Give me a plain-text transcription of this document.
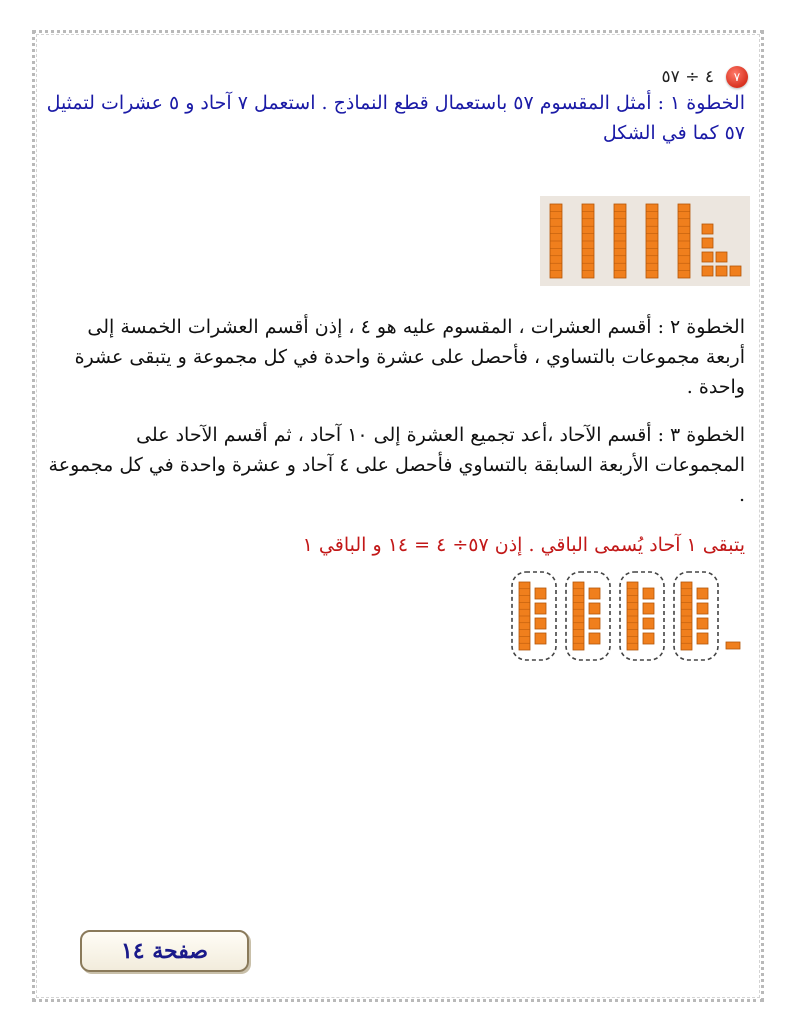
٧
٤ ÷ ٥٧
الخطوة ١ : أمثل المقسوم ٥٧ باستعمال قطع النماذج . استعمل ٧ آحاد و ٥ عشرات لتمثيل ٥٧ كما في الشكل
الخطوة ٢ : أقسم العشرات ، المقسوم عليه هو ٤ ، إذن أقسم العشرات الخمسة إلى أربعة مجموعات بالتساوي ، فأحصل على عشرة واحدة في كل مجموعة و يتبقى عشرة واحدة .
الخطوة ٣ : أقسم الآحاد ،أعد تجميع العشرة إلى ١٠ آحاد ، ثم أقسم الآحاد على المجموعات الأربعة السابقة بالتساوي فأحصل على ٤ آحاد و عشرة واحدة في كل مجموعة .
يتبقى ١ آحاد يُسمى الباقي . إذن ٥٧÷ ٤ = ١٤ و الباقي ١
صفحة ١٤
